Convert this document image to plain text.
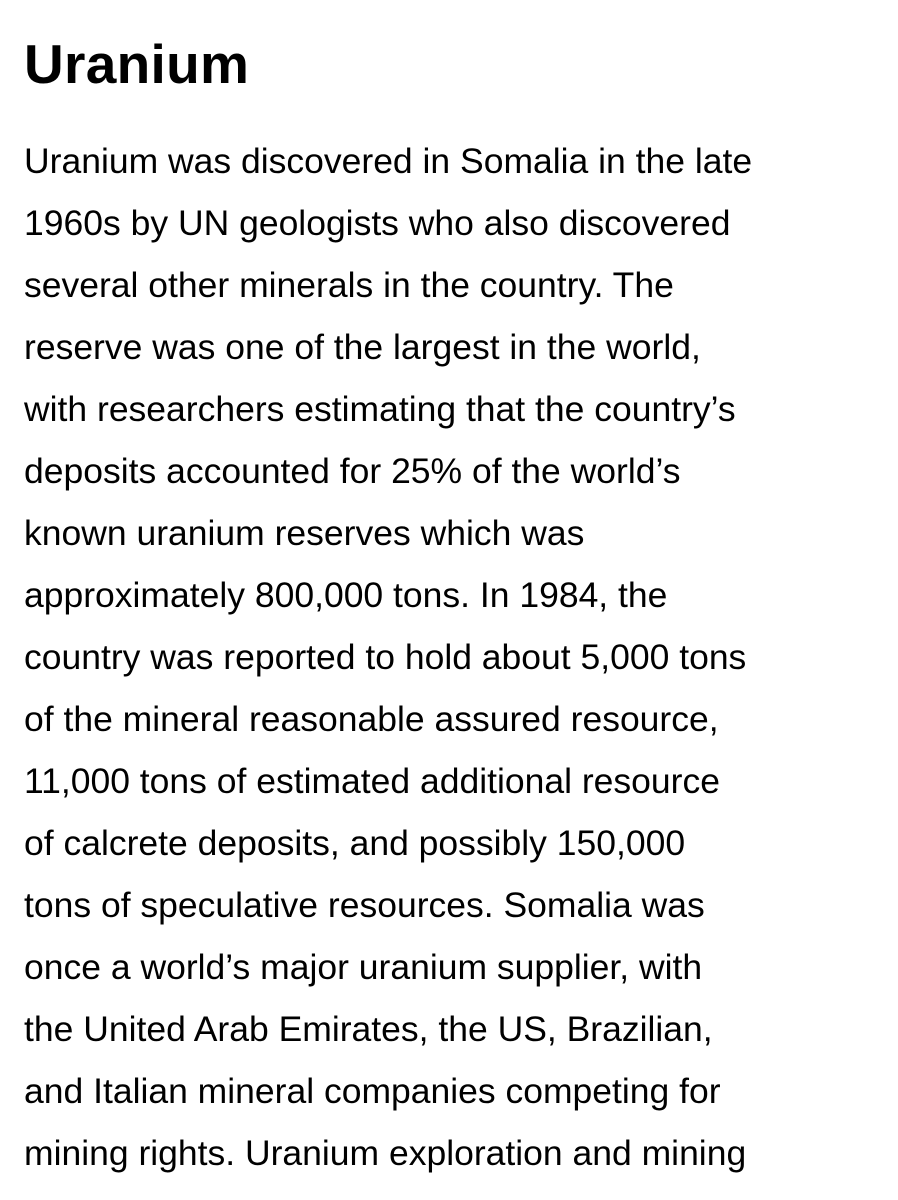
Uranium
Uranium was discovered in Somalia in the late
1960s by UN geologists who also discovered
several other minerals in the country. The
reserve was one of the largest in the world,
with researchers estimating that the country’s
deposits accounted for 25% of the world’s
known uranium reserves which was
approximately 800,000 tons. In 1984, the
country was reported to hold about 5,000 tons
of the mineral reasonable assured resource,
11,000 tons of estimated additional resource
of calcrete deposits, and possibly 150,000
tons of speculative resources. Somalia was
once a world’s major uranium supplier, with
the United Arab Emirates, the US, Brazilian,
and Italian mineral companies competing for
mining rights. Uranium exploration and mining
